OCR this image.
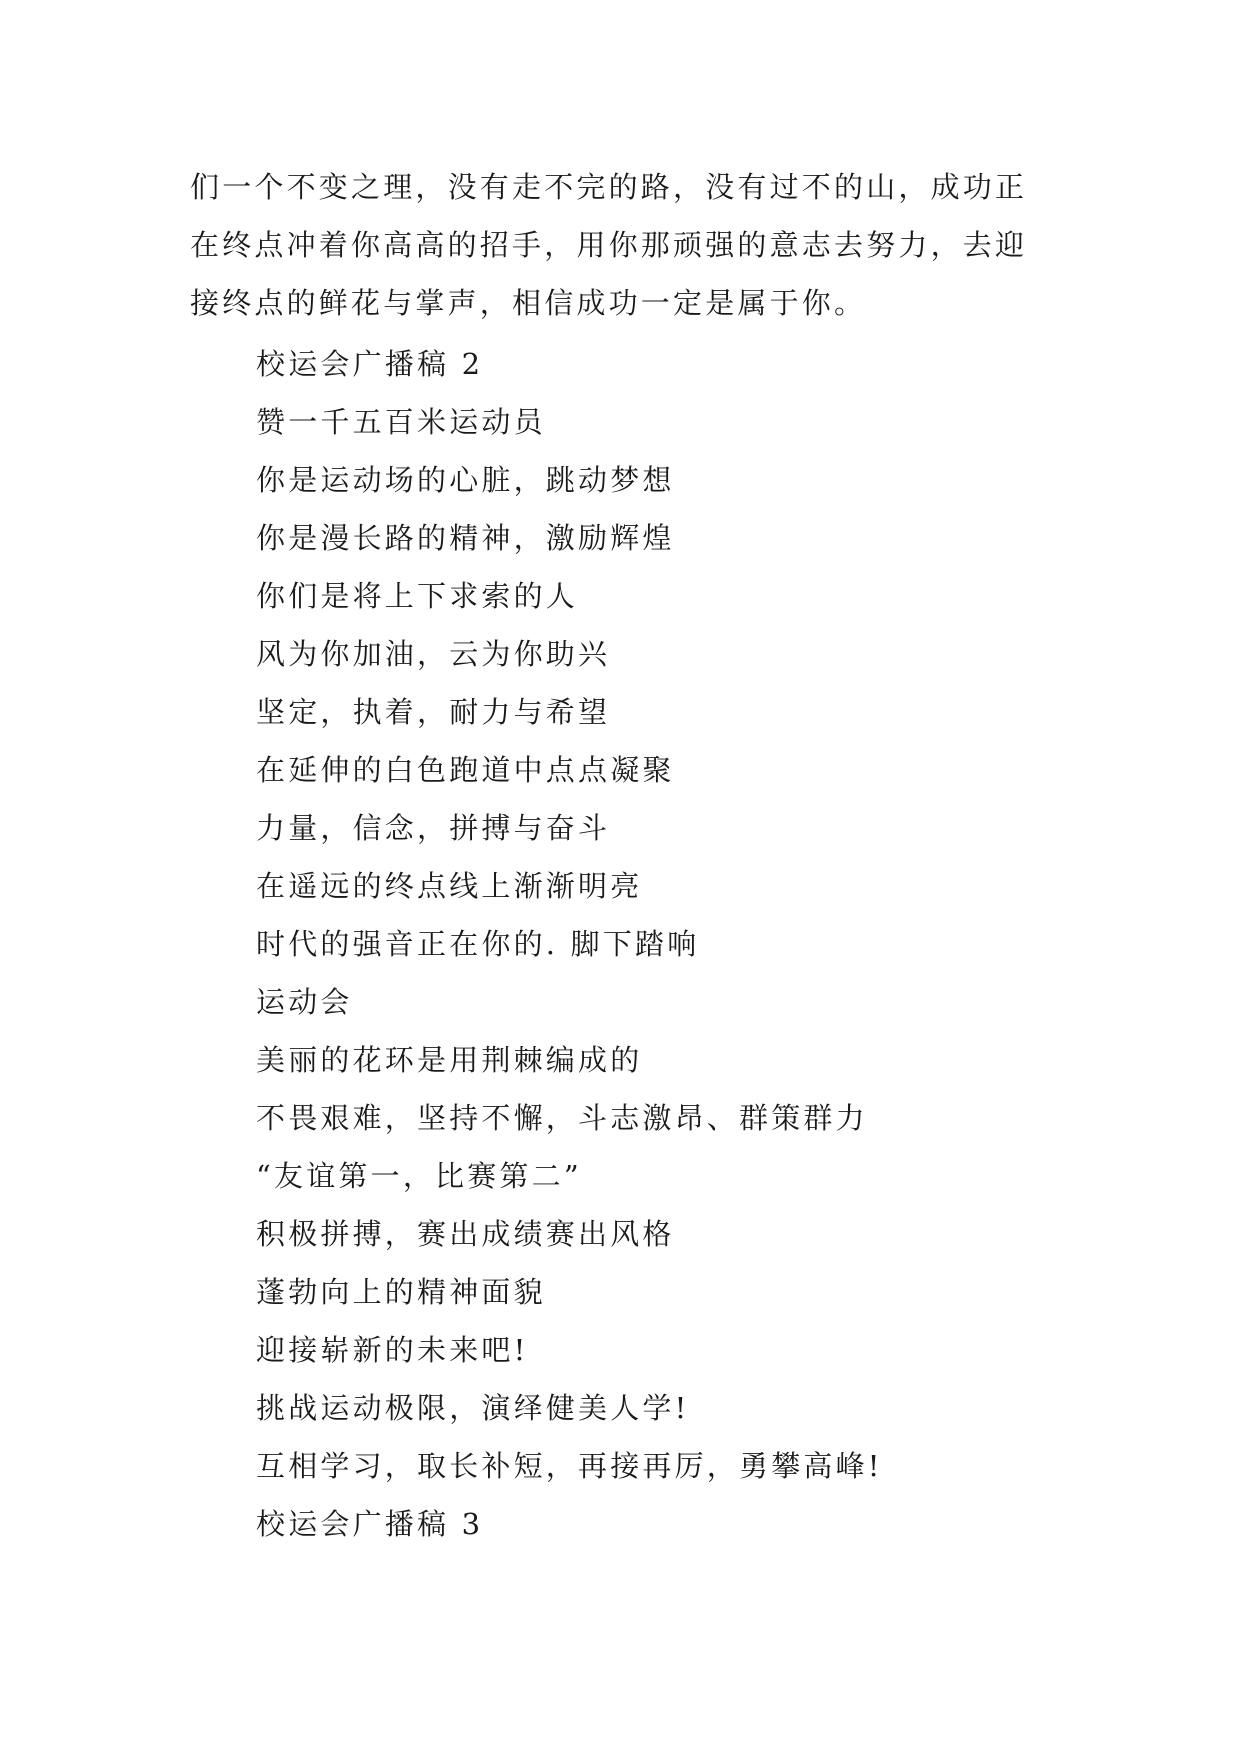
们一个不变之理，没有走不完的路，没有过不的山，成功正
在终点冲着你高高的招手，用你那顽强的意志去努力，去迎
接终点的鲜花与掌声，相信成功一定是属于你。
校运会广播稿 2
赞一千五百米运动员
你是运动场的心脏，跳动梦想
你是漫长路的精神，激励辉煌
你们是将上下求索的人
风为你加油，云为你助兴
坚定，执着，耐力与希望
在延伸的白色跑道中点点凝聚
力量，信念，拼搏与奋斗
在遥远的终点线上渐渐明亮
时代的强音正在你的. 脚下踏响
运动会
美丽的花环是用荆棘编成的
不畏艰难，坚持不懈，斗志激昂、群策群力
“友谊第一，比赛第二”
积极拼搏，赛出成绩赛出风格
蓬勃向上的精神面貌
迎接崭新的未来吧!
挑战运动极限，演绎健美人学!
互相学习，取长补短，再接再厉，勇攀高峰!
校运会广播稿 3
